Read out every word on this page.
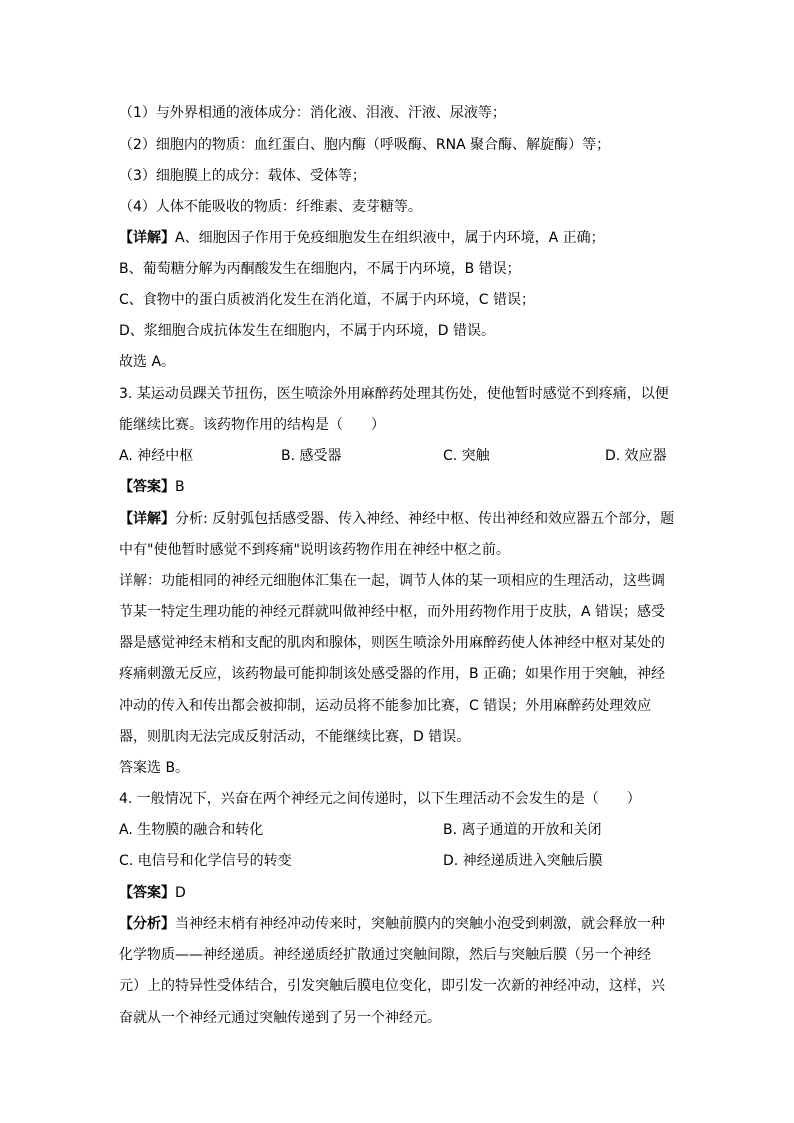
（1）与外界相通的液体成分：消化液、泪液、汗液、尿液等；
（2）细胞内的物质：血红蛋白、胞内酶（呼吸酶、RNA 聚合酶、解旋酶）等；
（3）细胞膜上的成分：载体、受体等；
（4）人体不能吸收的物质：纤维素、麦芽糖等。
【详解】A、细胞因子作用于免疫细胞发生在组织液中，属于内环境，A 正确；
B、葡萄糖分解为丙酮酸发生在细胞内，不属于内环境，B 错误；
C、食物中的蛋白质被消化发生在消化道，不属于内环境，C 错误；
D、浆细胞合成抗体发生在细胞内，不属于内环境，D 错误。
故选 A。
3. 某运动员踝关节扭伤，医生喷涂外用麻醉药处理其伤处，使他暂时感觉不到疼痛，以便
能继续比赛。该药物作用的结构是（　　）
A. 神经中枢	B. 感受器	C. 突触	D. 效应器
【答案】B
【详解】分析: 反射弧包括感受器、传入神经、神经中枢、传出神经和效应器五个部分，题
中有"使他暂时感觉不到疼痛"说明该药物作用在神经中枢之前。
详解：功能相同的神经元细胞体汇集在一起，调节人体的某一项相应的生理活动，这些调
节某一特定生理功能的神经元群就叫做神经中枢，而外用药物作用于皮肤，A 错误；感受
器是感觉神经末梢和支配的肌肉和腺体，则医生喷涂外用麻醉药使人体神经中枢对某处的
疼痛刺激无反应，该药物最可能抑制该处感受器的作用，B 正确；如果作用于突触，神经
冲动的传入和传出都会被抑制，运动员将不能参加比赛，C 错误；外用麻醉药处理效应
器，则肌肉无法完成反射活动，不能继续比赛，D 错误。
答案选 B。
4. 一般情况下，兴奋在两个神经元之间传递时，以下生理活动不会发生的是（　　）
A. 生物膜的融合和转化	B. 离子通道的开放和关闭
C. 电信号和化学信号的转变	D. 神经递质进入突触后膜
【答案】D
【分析】当神经末梢有神经冲动传来时，突触前膜内的突触小泡受到刺激，就会释放一种
化学物质——神经递质。神经递质经扩散通过突触间隙，然后与突触后膜（另一个神经
元）上的特异性受体结合，引发突触后膜电位变化，即引发一次新的神经冲动，这样，兴
奋就从一个神经元通过突触传递到了另一个神经元。
